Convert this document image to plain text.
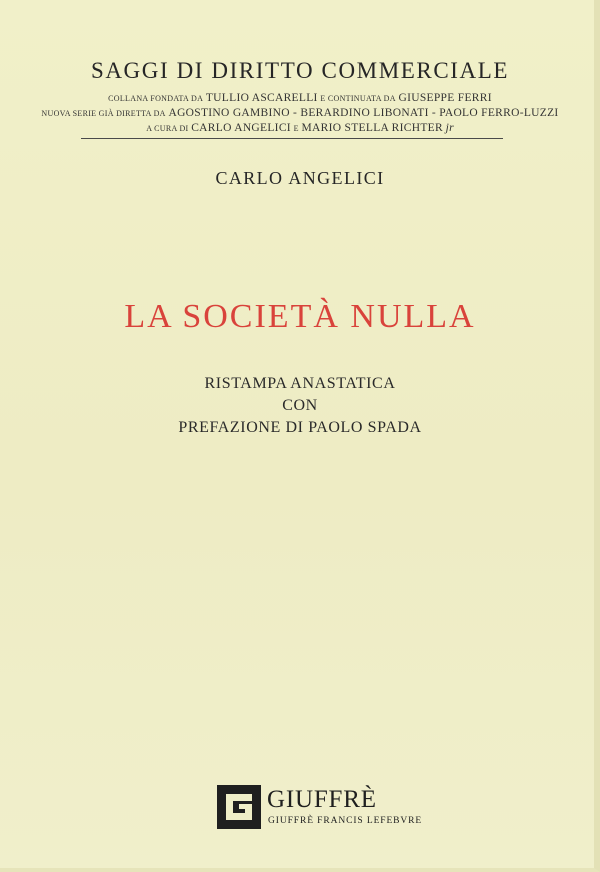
SAGGI DI DIRITTO COMMERCIALE
COLLANA FONDATA DA TULLIO ASCARELLI E CONTINUATA DA GIUSEPPE FERRI
NUOVA SERIE GIÀ DIRETTA DA AGOSTINO GAMBINO - BERARDINO LIBONATI - PAOLO FERRO-LUZZI
A CURA DI CARLO ANGELICI E MARIO STELLA RICHTER jr
CARLO ANGELICI
LA SOCIETÀ NULLA
RISTAMPA ANASTATICA
CON
PREFAZIONE DI PAOLO SPADA
GIUFFRÈ
GIUFFRÈ FRANCIS LEFEBVRE
